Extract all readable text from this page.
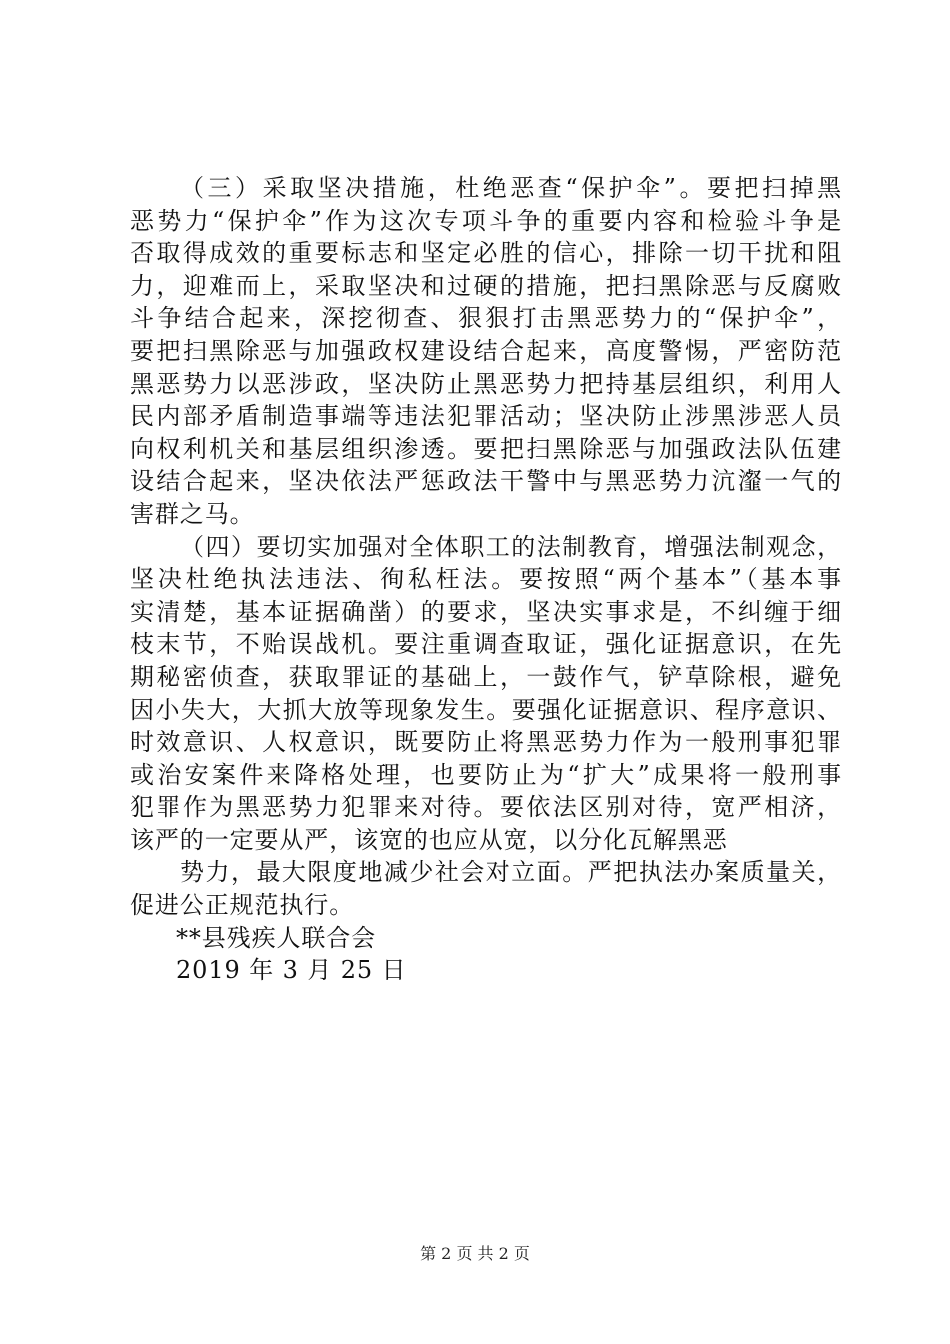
（三）采取坚决措施，杜绝恶查“保护伞”。要把扫掉黑
恶势力“保护伞”作为这次专项斗争的重要内容和检验斗争是
否取得成效的重要标志和坚定必胜的信心，排除一切干扰和阻
力，迎难而上，采取坚决和过硬的措施，把扫黑除恶与反腐败
斗争结合起来，深挖彻查、狠狠打击黑恶势力的“保护伞”，
要把扫黑除恶与加强政权建设结合起来，高度警惕，严密防范
黑恶势力以恶涉政，坚决防止黑恶势力把持基层组织，利用人
民内部矛盾制造事端等违法犯罪活动；坚决防止涉黑涉恶人员
向权利机关和基层组织渗透。要把扫黑除恶与加强政法队伍建
设结合起来，坚决依法严惩政法干警中与黑恶势力沆瀣一气的
害群之马。
（四）要切实加强对全体职工的法制教育，增强法制观念，
坚决杜绝执法违法、徇私枉法。要按照“两个基本”（基本事
实清楚，基本证据确凿）的要求，坚决实事求是，不纠缠于细
枝末节，不贻误战机。要注重调查取证，强化证据意识，在先
期秘密侦查，获取罪证的基础上，一鼓作气，铲草除根，避免
因小失大，大抓大放等现象发生。要强化证据意识、程序意识、
时效意识、人权意识，既要防止将黑恶势力作为一般刑事犯罪
或治安案件来降格处理，也要防止为“扩大”成果将一般刑事
犯罪作为黑恶势力犯罪来对待。要依法区别对待，宽严相济，
该严的一定要从严，该宽的也应从宽，以分化瓦解黑恶
势力，最大限度地减少社会对立面。严把执法办案质量关，
促进公正规范执行。
**县残疾人联合会
2019 年 3 月 25 日
第 2 页 共 2 页
